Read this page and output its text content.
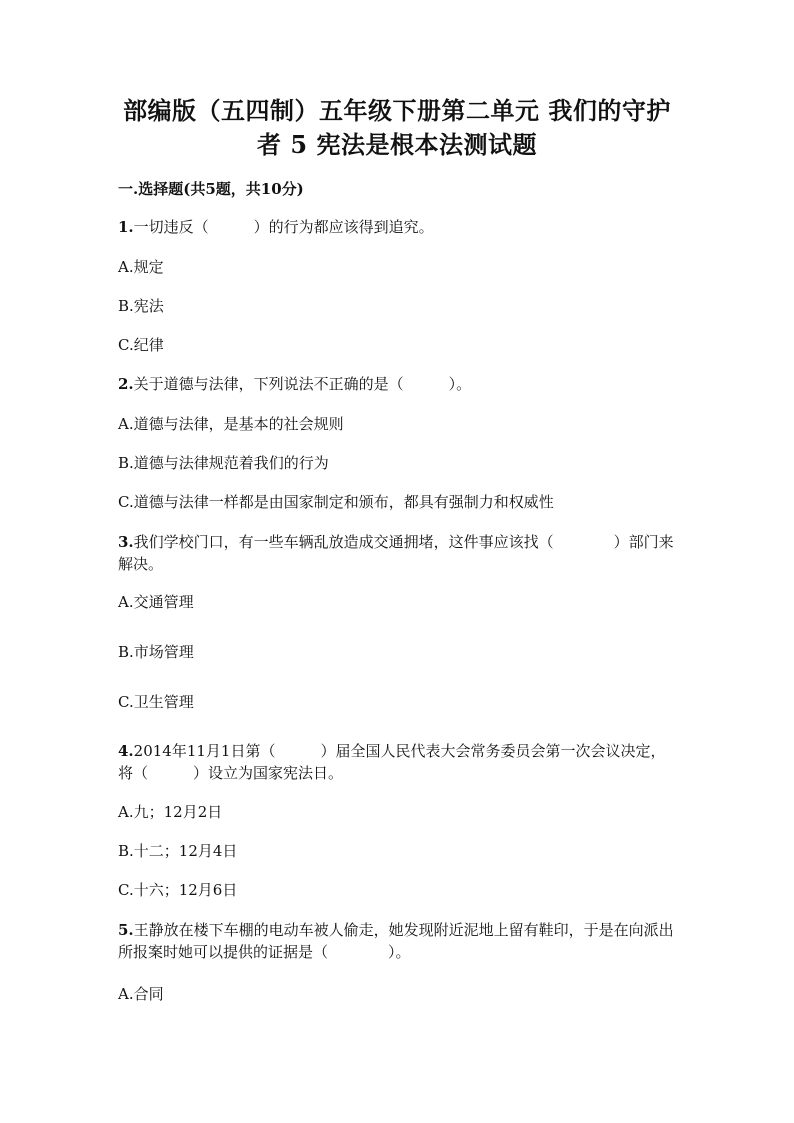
部编版（五四制）五年级下册第二单元 我们的守护
者 5 宪法是根本法测试题
一.选择题(共5题，共10分)
1.一切违反（　　　）的行为都应该得到追究。
A.规定
B.宪法
C.纪律
2.关于道德与法律，下列说法不正确的是（　　　）。
A.道德与法律，是基本的社会规则
B.道德与法律规范着我们的行为
C.道德与法律一样都是由国家制定和颁布，都具有强制力和权威性
3.我们学校门口，有一些车辆乱放造成交通拥堵，这件事应该找（　　　　）部门来解决。
A.交通管理
B.市场管理
C.卫生管理
4.2014年11月1日第（　　　）届全国人民代表大会常务委员会第一次会议决定，将（　　　）设立为国家宪法日。
A.九；12月2日
B.十二；12月4日
C.十六；12月6日
5.王静放在楼下车棚的电动车被人偷走，她发现附近泥地上留有鞋印，于是在向派出所报案时她可以提供的证据是（　　　　）。
A.合同
